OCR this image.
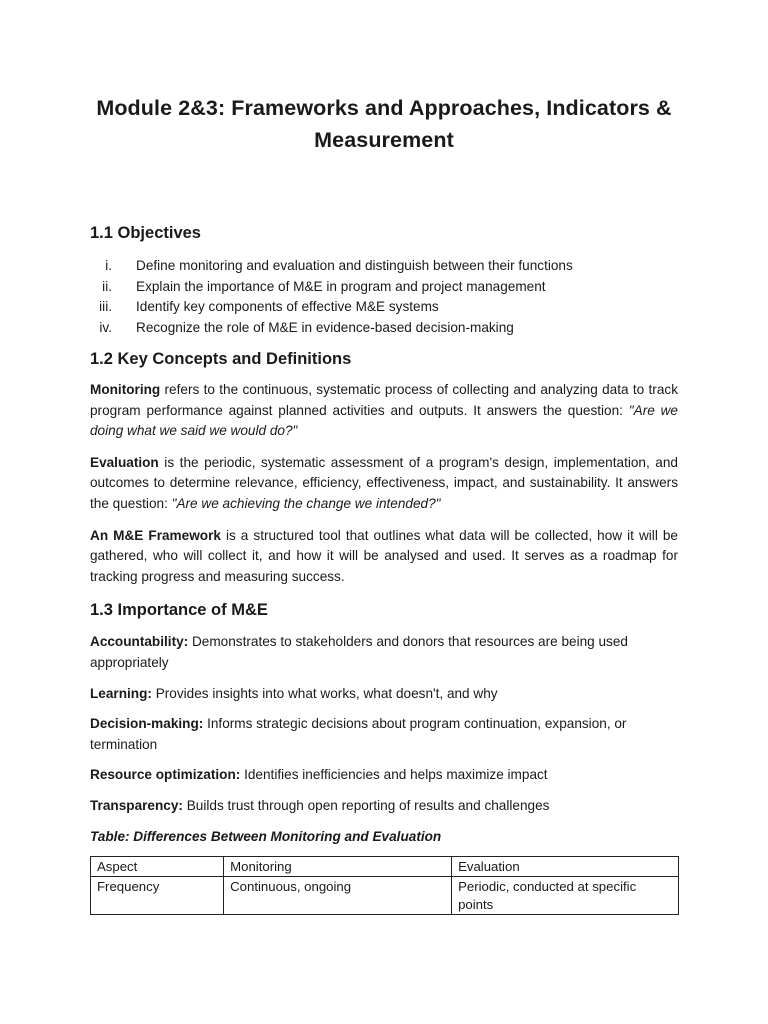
Module 2&3: Frameworks and Approaches, Indicators & Measurement
1.1 Objectives
i. Define monitoring and evaluation and distinguish between their functions
ii. Explain the importance of M&E in program and project management
iii. Identify key components of effective M&E systems
iv. Recognize the role of M&E in evidence-based decision-making
1.2 Key Concepts and Definitions

Monitoring refers to the continuous, systematic process of collecting and analyzing data to track program performance against planned activities and outputs. It answers the question: "Are we doing what we said we would do?"

Evaluation is the periodic, systematic assessment of a program's design, implementation, and outcomes to determine relevance, efficiency, effectiveness, impact, and sustainability. It answers the question: "Are we achieving the change we intended?"

An M&E Framework is a structured tool that outlines what data will be collected, how it will be gathered, who will collect it, and how it will be analysed and used. It serves as a roadmap for tracking progress and measuring success.

1.3 Importance of M&E

Accountability: Demonstrates to stakeholders and donors that resources are being used appropriately

Learning: Provides insights into what works, what doesn't, and why

Decision-making: Informs strategic decisions about program continuation, expansion, or termination

Resource optimization: Identifies inefficiencies and helps maximize impact

Transparency: Builds trust through open reporting of results and challenges

Table: Differences Between Monitoring and Evaluation
Aspect	Monitoring	Evaluation
Frequency	Continuous, ongoing	Periodic, conducted at specific points
